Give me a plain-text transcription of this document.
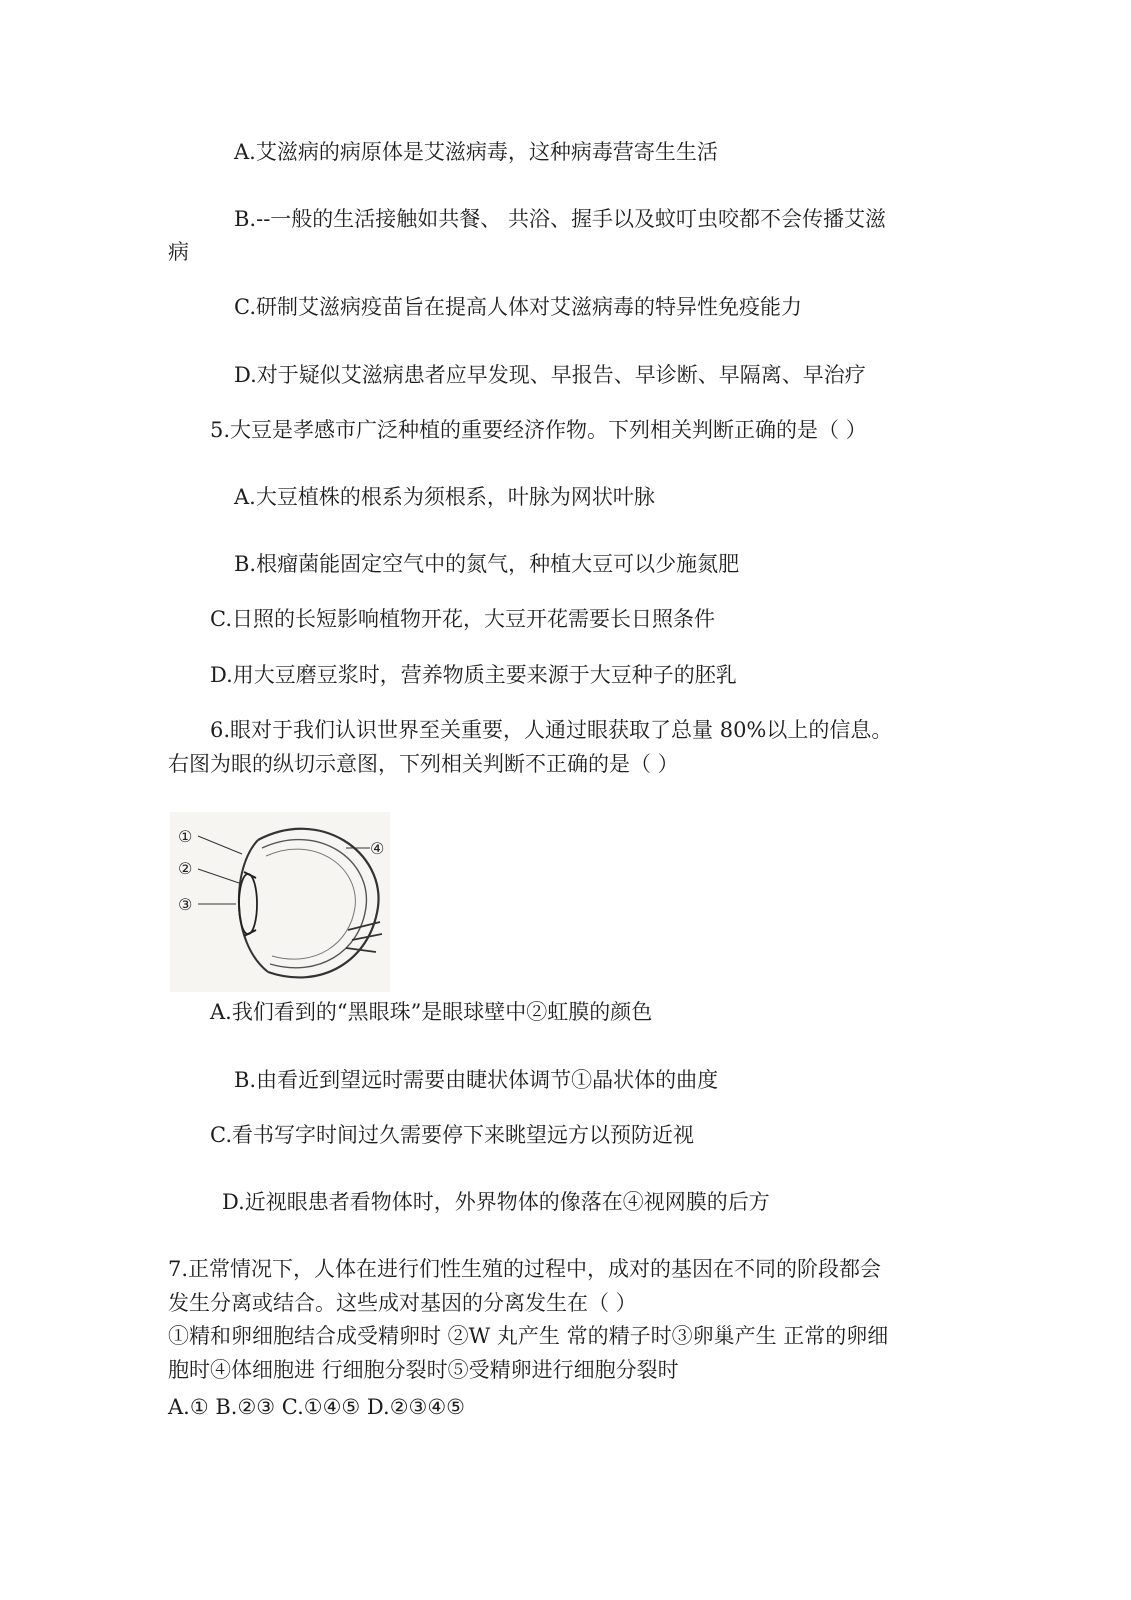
A.艾滋病的病原体是艾滋病毒，这种病毒营寄生生活
B.--一般的生活接触如共餐、 共浴、握手以及蚊叮虫咬都不会传播艾滋
病
C.研制艾滋病疫苗旨在提高人体对艾滋病毒的特异性免疫能力
D.对于疑似艾滋病患者应早发现、早报告、早诊断、早隔离、早治疗
5.大豆是孝感市广泛种植的重要经济作物。下列相关判断正确的是（ ）
A.大豆植株的根系为须根系，叶脉为网状叶脉
B.根瘤菌能固定空气中的氮气，种植大豆可以少施氮肥
C.日照的长短影响植物开花，大豆开花需要长日照条件
D.用大豆磨豆浆时，营养物质主要来源于大豆种子的胚乳
6.眼对于我们认识世界至关重要，人通过眼获取了总量 80%以上的信息。
右图为眼的纵切示意图，下列相关判断不正确的是（ ）
①
②
③
④
A.我们看到的“黑眼珠”是眼球壁中②虹膜的颜色
B.由看近到望远时需要由睫状体调节①晶状体的曲度
C.看书写字时间过久需要停下来眺望远方以预防近视
D.近视眼患者看物体时，外界物体的像落在④视网膜的后方
7.正常情况下，人体在进行们性生殖的过程中，成对的基因在不同的阶段都会
发生分离或结合。这些成对基因的分离发生在（ ）
①精和卵细胞结合成受精卵时 ②W 丸产生 常的精子时③卵巢产生 正常的卵细
胞时④体细胞进 行细胞分裂时⑤受精卵进行细胞分裂时
A.① B.②③ C.①④⑤ D.②③④⑤
